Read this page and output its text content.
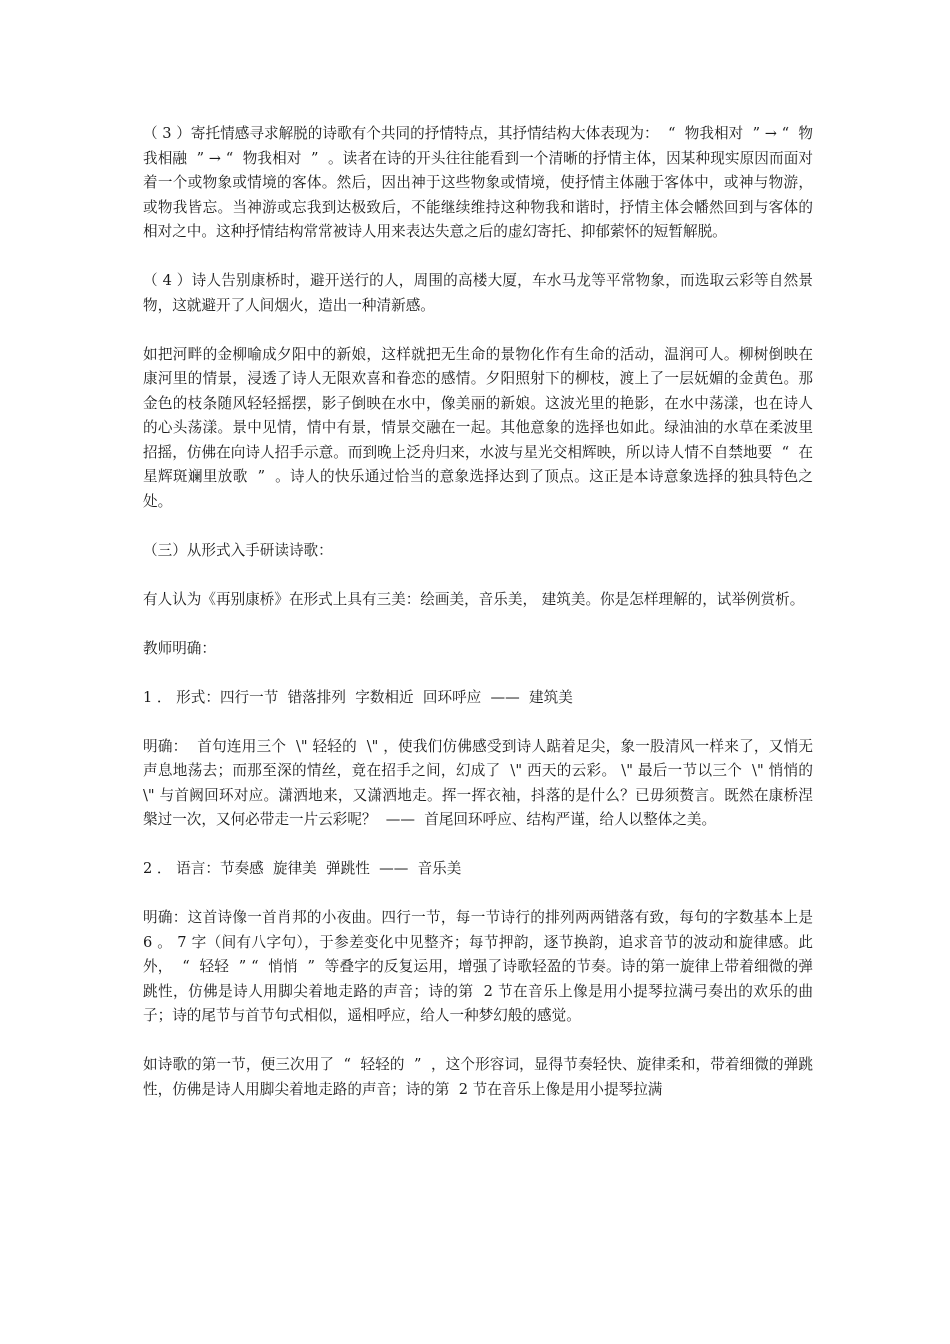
（ 3 ）寄托情感寻求解脱的诗歌有个共同的抒情特点，其抒情结构大体表现为：  “  物我相对  ” → “  物我相融  ” → “  物我相对  ”  。读者在诗的开头往往能看到一个清晰的抒情主体，因某种现实原因而面对着一个或物象或情境的客体。然后，因出神于这些物象或情境，使抒情主体融于客体中，或神与物游，或物我皆忘。当神游或忘我到达极致后，不能继续维持这种物我和谐时，抒情主体会幡然回到与客体的相对之中。这种抒情结构常常被诗人用来表达失意之后的虚幻寄托、抑郁萦怀的短暂解脱。

（ 4 ）诗人告别康桥时，避开送行的人，周围的高楼大厦，车水马龙等平常物象，而选取云彩等自然景物，这就避开了人间烟火，造出一种清新感。

如把河畔的金柳喻成夕阳中的新娘，这样就把无生命的景物化作有生命的活动，温润可人。柳树倒映在康河里的情景，浸透了诗人无限欢喜和眷恋的感情。夕阳照射下的柳枝，渡上了一层妩媚的金黄色。那金色的枝条随风轻轻摇摆，影子倒映在水中，像美丽的新娘。这波光里的艳影，在水中荡漾，也在诗人的心头荡漾。景中见情，情中有景，情景交融在一起。其他意象的选择也如此。绿油油的水草在柔波里招摇，仿佛在向诗人招手示意。而到晚上泛舟归来，水波与星光交相辉映，所以诗人情不自禁地要  “  在星辉斑斓里放歌  ”  。诗人的快乐通过恰当的意象选择达到了顶点。这正是本诗意象选择的独具特色之处。

（三）从形式入手研读诗歌：

有人认为《再别康桥》在形式上具有三美：绘画美，音乐美， 建筑美。你是怎样理解的，试举例赏析。

教师明确：

1 ． 形式：四行一节  错落排列  字数相近  回环呼应  ——  建筑美

明确：  首句连用三个  \" 轻轻的  \" ，使我们仿佛感受到诗人踮着足尖，象一股清风一样来了，又悄无声息地荡去；而那至深的情丝，竟在招手之间，幻成了  \" 西天的云彩。 \" 最后一节以三个  \" 悄悄的  \" 与首阙回环对应。潇洒地来，又潇洒地走。挥一挥衣袖，抖落的是什么？已毋须赘言。既然在康桥涅槃过一次，又何必带走一片云彩呢？  ——  首尾回环呼应、结构严谨，给人以整体之美。

2 ． 语言：节奏感  旋律美  弹跳性  ——  音乐美

明确：这首诗像一首肖邦的小夜曲。四行一节，每一节诗行的排列两两错落有致，每句的字数基本上是  6 。 7 字（间有八字句），于参差变化中见整齐；每节押韵，逐节换韵，追求音节的波动和旋律感。此外，  “  轻轻  ” “  悄悄  ”  等叠字的反复运用，增强了诗歌轻盈的节奏。诗的第一旋律上带着细微的弹跳性，仿佛是诗人用脚尖着地走路的声音；诗的第  2 节在音乐上像是用小提琴拉满弓奏出的欢乐的曲子；诗的尾节与首节句式相似，遥相呼应，给人一种梦幻般的感觉。

如诗歌的第一节，便三次用了  “  轻轻的  ”  ，这个形容词，显得节奏轻快、旋律柔和，带着细微的弹跳性，仿佛是诗人用脚尖着地走路的声音；诗的第  2 节在音乐上像是用小提琴拉满
